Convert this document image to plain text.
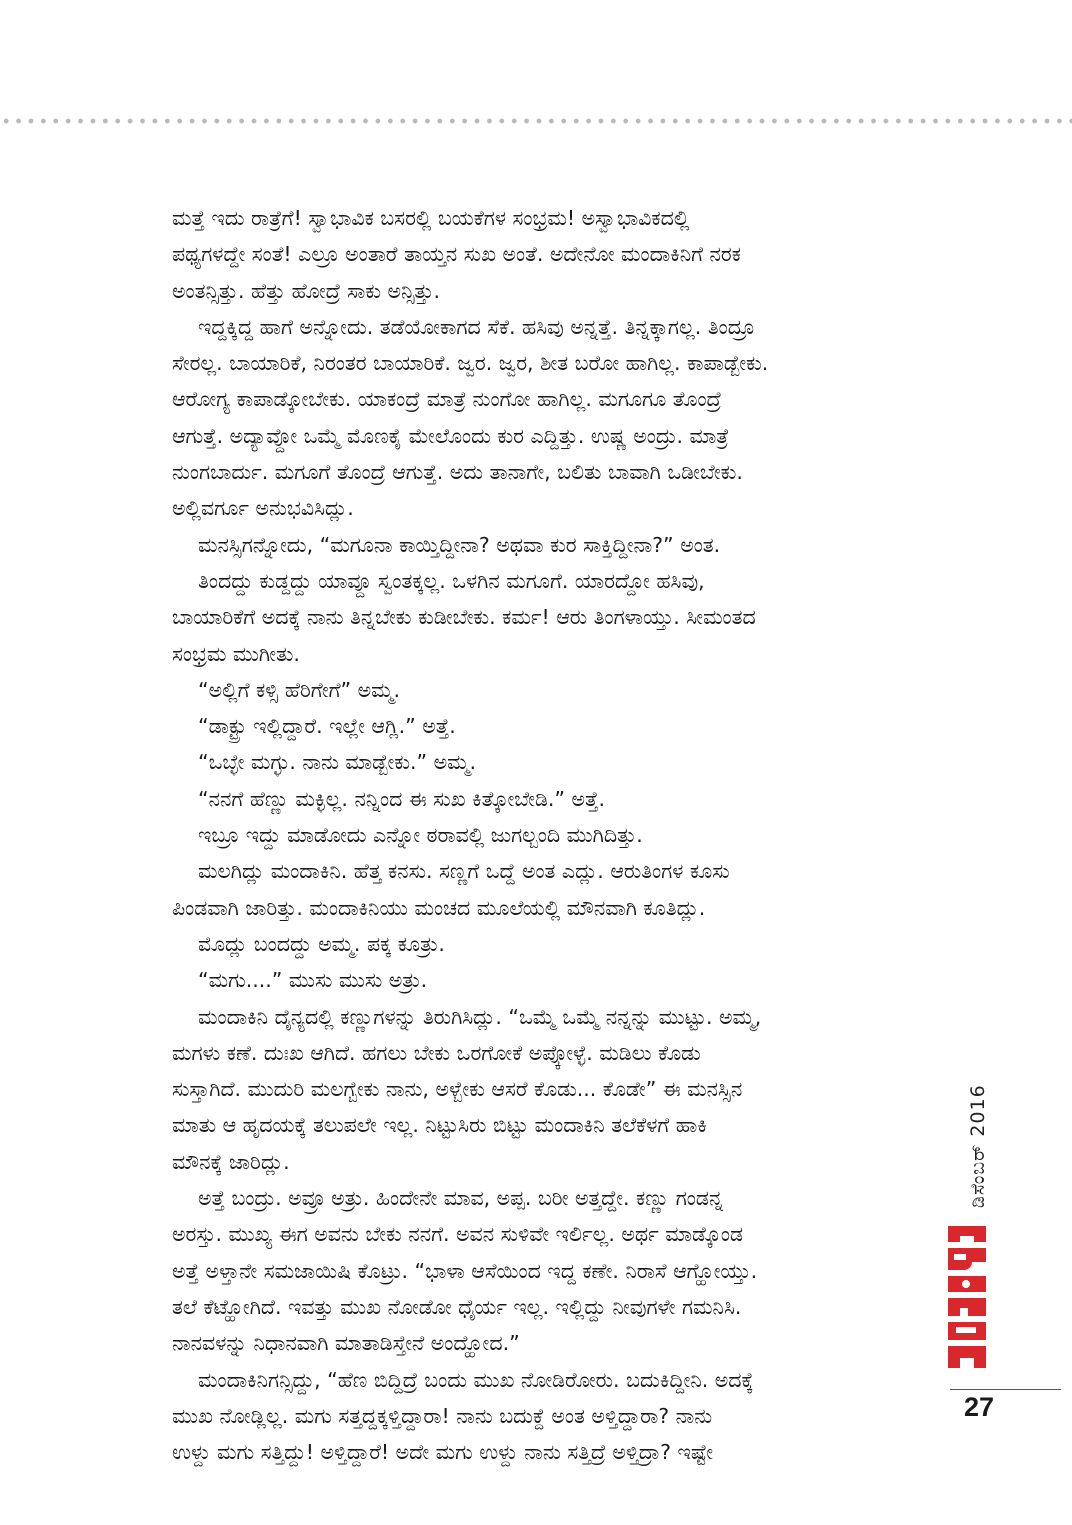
ಮತ್ತೆ ಇದು ರಾತ್ರೆಗೆ! ಸ್ವಾಭಾವಿಕ ಬಸರಲ್ಲಿ ಬಯಕೆಗಳ ಸಂಭ್ರಮ! ಅಸ್ವಾಭಾವಿಕದಲ್ಲಿ
ಪಥ್ಯಗಳದ್ದೇ ಸಂತೆ! ಎಲ್ರೂ ಅಂತಾರೆ ತಾಯ್ತನ ಸುಖ ಅಂತೆ. ಅದೇನೋ ಮಂದಾಕಿನಿಗೆ ನರಕ
ಅಂತನ್ಸಿತ್ತು. ಹೆತ್ತು ಹೋದ್ರೆ ಸಾಕು ಅನ್ಸಿತ್ತು.
ಇದ್ದಕ್ಕಿದ್ದ ಹಾಗೆ ಅನ್ನೋದು. ತಡೆಯೋಕಾಗದ ಸೆಕೆ. ಹಸಿವು ಅನ್ನತ್ತೆ. ತಿನ್ನಕ್ಕಾಗಲ್ಲ. ತಿಂದ್ರೂ
ಸೇರಲ್ಲ. ಬಾಯಾರಿಕೆ, ನಿರಂತರ ಬಾಯಾರಿಕೆ. ಜ್ವರ. ಜ್ವರ, ಶೀತ ಬರೋ ಹಾಗಿಲ್ಲ. ಕಾಪಾಡ್ಬೇಕು.
ಆರೋಗ್ಯ ಕಾಪಾಡ್ಕೋಬೇಕು. ಯಾಕಂದ್ರೆ ಮಾತ್ರೆ ನುಂಗೋ ಹಾಗಿಲ್ಲ. ಮಗೂಗೂ ತೊಂದ್ರೆ
ಆಗುತ್ತೆ. ಅದ್ಯಾವ್ದೋ ಒಮ್ಮೆ ಮೊಣಕೈ ಮೇಲೊಂದು ಕುರ ಎದ್ದಿತ್ತು. ಉಷ್ಣ ಅಂದ್ರು. ಮಾತ್ರೆ
ನುಂಗಬಾರ್ದು. ಮಗೂಗೆ ತೊಂದ್ರೆ ಆಗುತ್ತೆ. ಅದು ತಾನಾಗೇ, ಬಲಿತು ಬಾವಾಗಿ ಒಡೀಬೇಕು.
ಅಲ್ಲಿವರ್ಗೂ ಅನುಭವಿಸಿದ್ಲು.
ಮನಸ್ಸಿಗನ್ನೋದು, “ಮಗೂನಾ ಕಾಯ್ತಿದ್ದೀನಾ? ಅಥವಾ ಕುರ ಸಾಕ್ತಿದ್ದೀನಾ?” ಅಂತ.
ತಿಂದದ್ದು ಕುಡ್ದದ್ದು ಯಾವ್ದೂ ಸ್ವಂತಕ್ಕಲ್ಲ. ಒಳಗಿನ ಮಗೂಗೆ. ಯಾರದ್ದೋ ಹಸಿವು,
ಬಾಯಾರಿಕೆಗೆ ಅದಕ್ಕೆ ನಾನು ತಿನ್ನಬೇಕು ಕುಡೀಬೇಕು. ಕರ್ಮ! ಆರು ತಿಂಗಳಾಯ್ತು. ಸೀಮಂತದ
ಸಂಭ್ರಮ ಮುಗೀತು.
“ಅಲ್ಲಿಗೆ ಕಳ್ಸಿ ಹೆರಿಗೇಗೆ” ಅಮ್ಮ.
“ಡಾಕ್ಟ್ರು ಇಲ್ಲಿದ್ದಾರೆ. ಇಲ್ಲೇ ಆಗ್ಲಿ.” ಅತ್ತೆ.
“ಒಬ್ಳೇ ಮಗ್ಳು. ನಾನು ಮಾಡ್ಬೇಕು.” ಅಮ್ಮ.
“ನನಗೆ ಹೆಣ್ಣು ಮಕ್ಳಿಲ್ಲ. ನನ್ನಿಂದ ಈ ಸುಖ ಕಿತ್ಕೋಬೇಡಿ.” ಅತ್ತೆ.
ಇಬ್ರೂ ಇದ್ದು ಮಾಡೋದು ಎನ್ನೋ ಠರಾವಲ್ಲಿ ಜುಗಲ್ಬಂದಿ ಮುಗಿದಿತ್ತು.
ಮಲಗಿದ್ಲು ಮಂದಾಕಿನಿ. ಹೆತ್ತ ಕನಸು. ಸಣ್ಣಗೆ ಒದ್ದೆ ಅಂತ ಎದ್ಲು. ಆರುತಿಂಗಳ ಕೂಸು
ಪಿಂಡವಾಗಿ ಜಾರಿತ್ತು. ಮಂದಾಕಿನಿಯು ಮಂಚದ ಮೂಲೆಯಲ್ಲಿ ಮೌನವಾಗಿ ಕೂತಿದ್ಲು.
ಮೊದ್ಲು ಬಂದದ್ದು ಅಮ್ಮ. ಪಕ್ಕ ಕೂತ್ರು.
“ಮಗು....” ಮುಸು ಮುಸು ಅತ್ರು.
ಮಂದಾಕಿನಿ ದೈನ್ಯದಲ್ಲಿ ಕಣ್ಣುಗಳನ್ನು ತಿರುಗಿಸಿದ್ಲು. “ಒಮ್ಮೆ ಒಮ್ಮೆ ನನ್ನನ್ನು ಮುಟ್ಟು. ಅಮ್ಮ,
ಮಗಳು ಕಣೆ. ದುಃಖ ಆಗಿದೆ. ಹಗಲು ಬೇಕು ಒರಗೋಕೆ ಅಪ್ಕೋಳ್ಳೆ. ಮಡಿಲು ಕೊಡು
ಸುಸ್ತಾಗಿದೆ. ಮುದುರಿ ಮಲಗ್ಬೇಕು ನಾನು, ಅಳ್ಬೇಕು ಆಸರೆ ಕೊಡು... ಕೊಡೇ” ಈ ಮನಸ್ಸಿನ
ಮಾತು ಆ ಹೃದಯಕ್ಕೆ ತಲುಪಲೇ ಇಲ್ಲ. ನಿಟ್ಟುಸಿರು ಬಿಟ್ಟು ಮಂದಾಕಿನಿ ತಲೆಕೆಳಗೆ ಹಾಕಿ
ಮೌನಕ್ಕೆ ಜಾರಿದ್ಲು.
ಅತ್ತೆ ಬಂದ್ರು. ಅವ್ರೂ ಅತ್ರು. ಹಿಂದೇನೇ ಮಾವ, ಅಪ್ಪ. ಬರೀ ಅತ್ತದ್ದೇ. ಕಣ್ಣು ಗಂಡನ್ನ
ಅರಸ್ತು. ಮುಖ್ಯ ಈಗ ಅವನು ಬೇಕು ನನಗೆ. ಅವನ ಸುಳಿವೇ ಇರ್ಲಿಲ್ಲ. ಅರ್ಥ ಮಾಡ್ಕೊಂಡ
ಅತ್ತೆ ಅಳ್ತಾನೇ ಸಮಜಾಯಿಷಿ ಕೊಟ್ರು. “ಭಾಳಾ ಆಸೆಯಿಂದ ಇದ್ದ ಕಣೇ. ನಿರಾಸೆ ಆಗ್ಹೋಯ್ತು.
ತಲೆ ಕೆಟ್ಹೋಗಿದೆ. ಇವತ್ತು ಮುಖ ನೋಡೋ ಧೈರ್ಯ ಇಲ್ಲ. ಇಲ್ಲಿದ್ದು ನೀವುಗಳೇ ಗಮನಿಸಿ.
ನಾನವಳನ್ನು ನಿಧಾನವಾಗಿ ಮಾತಾಡಿಸ್ತೇನೆ ಅಂದ್ಹೋದ.”
ಮಂದಾಕಿನಿಗನ್ಸಿದ್ದು, “ಹೆಣ ಬಿದ್ದಿದ್ರೆ ಬಂದು ಮುಖ ನೋಡಿರೋರು. ಬದುಕಿದ್ದೀನಿ. ಅದಕ್ಕೆ
ಮುಖ ನೋಡ್ಲಿಲ್ಲ. ಮಗು ಸತ್ತದ್ದಕ್ಕಳ್ತಿದ್ದಾರಾ! ನಾನು ಬದುಕ್ದೆ ಅಂತ ಅಳ್ತಿದ್ದಾರಾ? ನಾನು
ಉಳ್ದು ಮಗು ಸತ್ತಿದ್ದು! ಅಳ್ತಿದ್ದಾರೆ! ಅದೇ ಮಗು ಉಳ್ದು ನಾನು ಸತ್ತಿದ್ರೆ ಅಳ್ತಿದ್ರಾ? ಇಷ್ಟೇ
ಡಿಸೆಂಬರ್ 2016
27
